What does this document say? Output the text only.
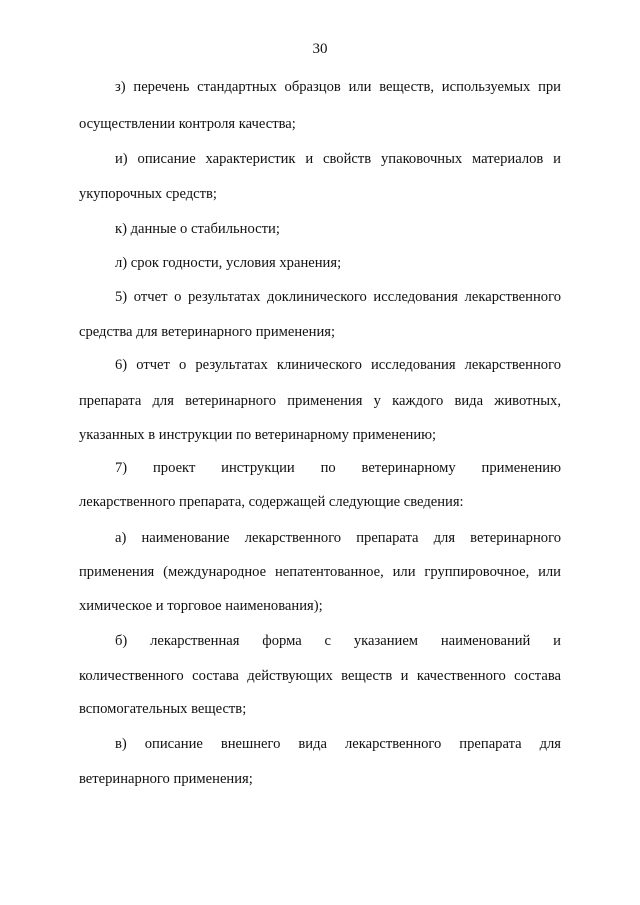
30
з) перечень стандартных образцов или веществ, используемых при
осуществлении контроля качества;
и) описание характеристик и свойств упаковочных материалов и
укупорочных средств;
к) данные о стабильности;
л) срок годности, условия хранения;
5) отчет о результатах доклинического исследования лекарственного
средства для ветеринарного применения;
6) отчет о результатах клинического исследования лекарственного
препарата для ветеринарного применения у каждого вида животных,
указанных в инструкции по ветеринарному применению;
7) проект инструкции по ветеринарному применению
лекарственного препарата, содержащей следующие сведения:
а) наименование лекарственного препарата для ветеринарного
применения (международное непатентованное, или группировочное, или
химическое и торговое наименования);
б) лекарственная форма с указанием наименований и
количественного состава действующих веществ и качественного состава
вспомогательных веществ;
в) описание внешнего вида лекарственного препарата для
ветеринарного применения;
